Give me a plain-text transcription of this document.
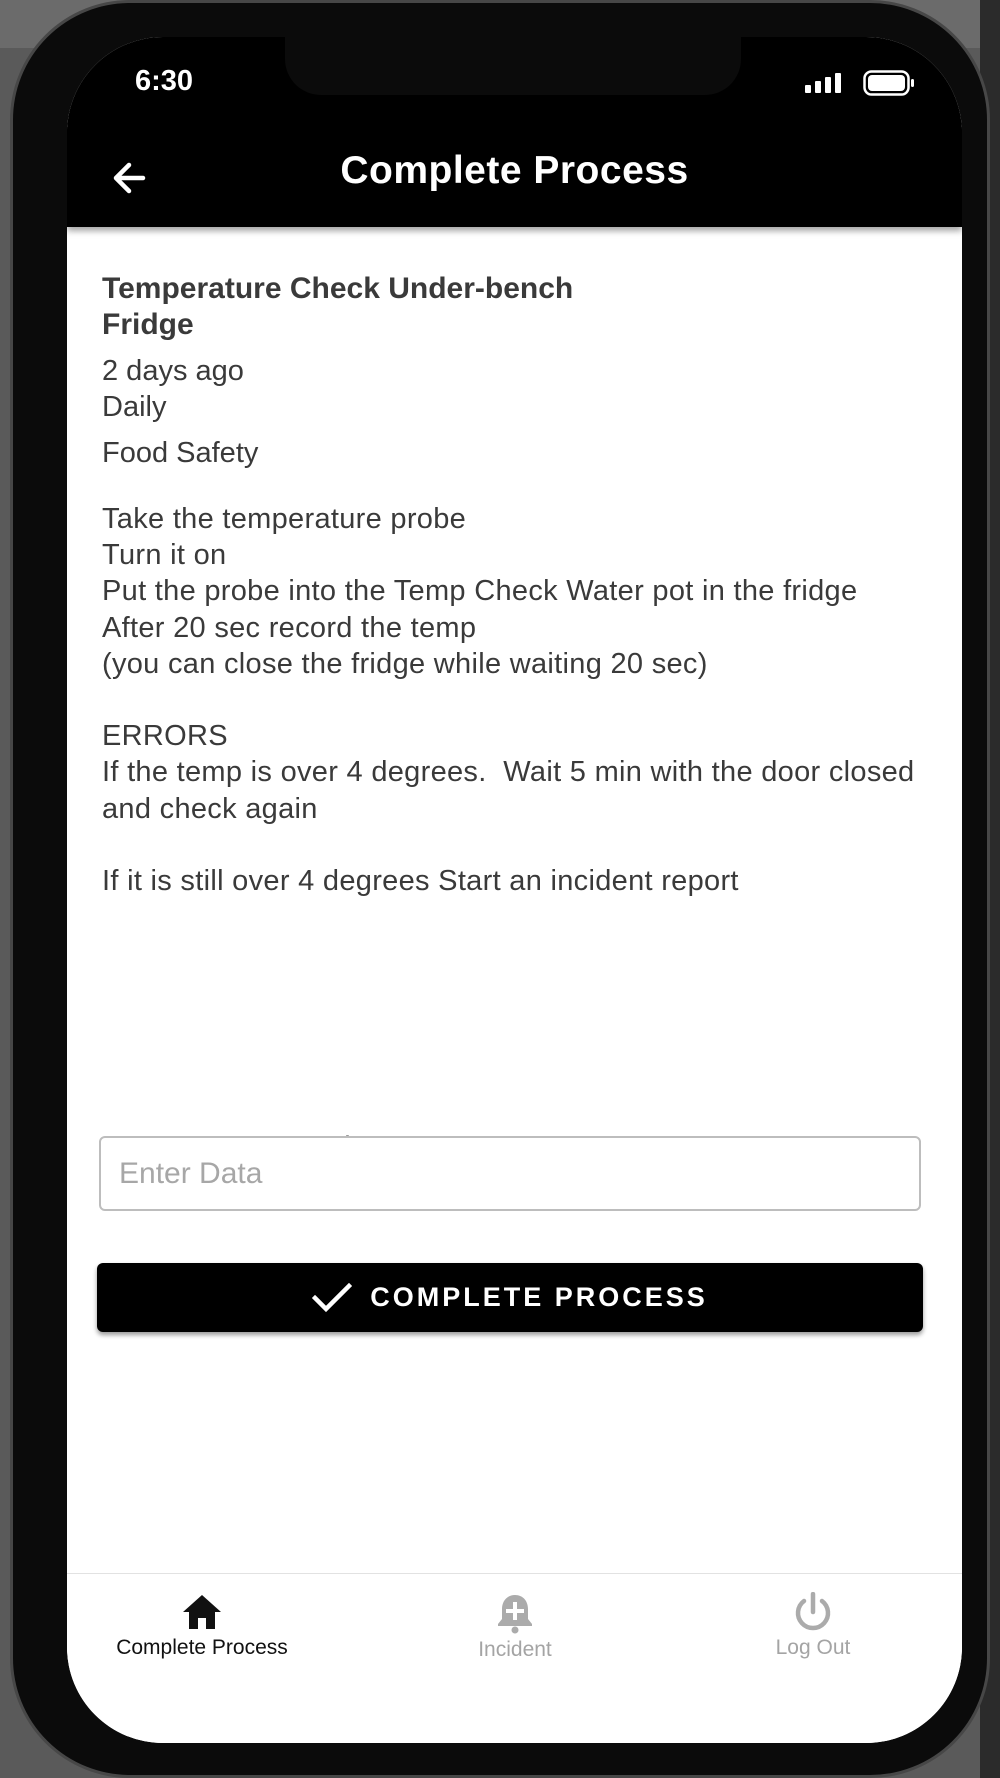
6:30
Complete Process
Temperature Check Under-bench Fridge
2 days ago
Daily
Food Safety
Take the temperature probe
Turn it on
Put the probe into the Temp Check Water pot in the fridge
After 20 sec record the temp
(you can close the fridge while waiting 20 sec)

ERRORS
If the temp is over 4 degrees.  Wait 5 min with the door closed and check again

If it is still over 4 degrees Start an incident report
Enter Data
COMPLETE PROCESS
Complete Process	Incident	Log Out
